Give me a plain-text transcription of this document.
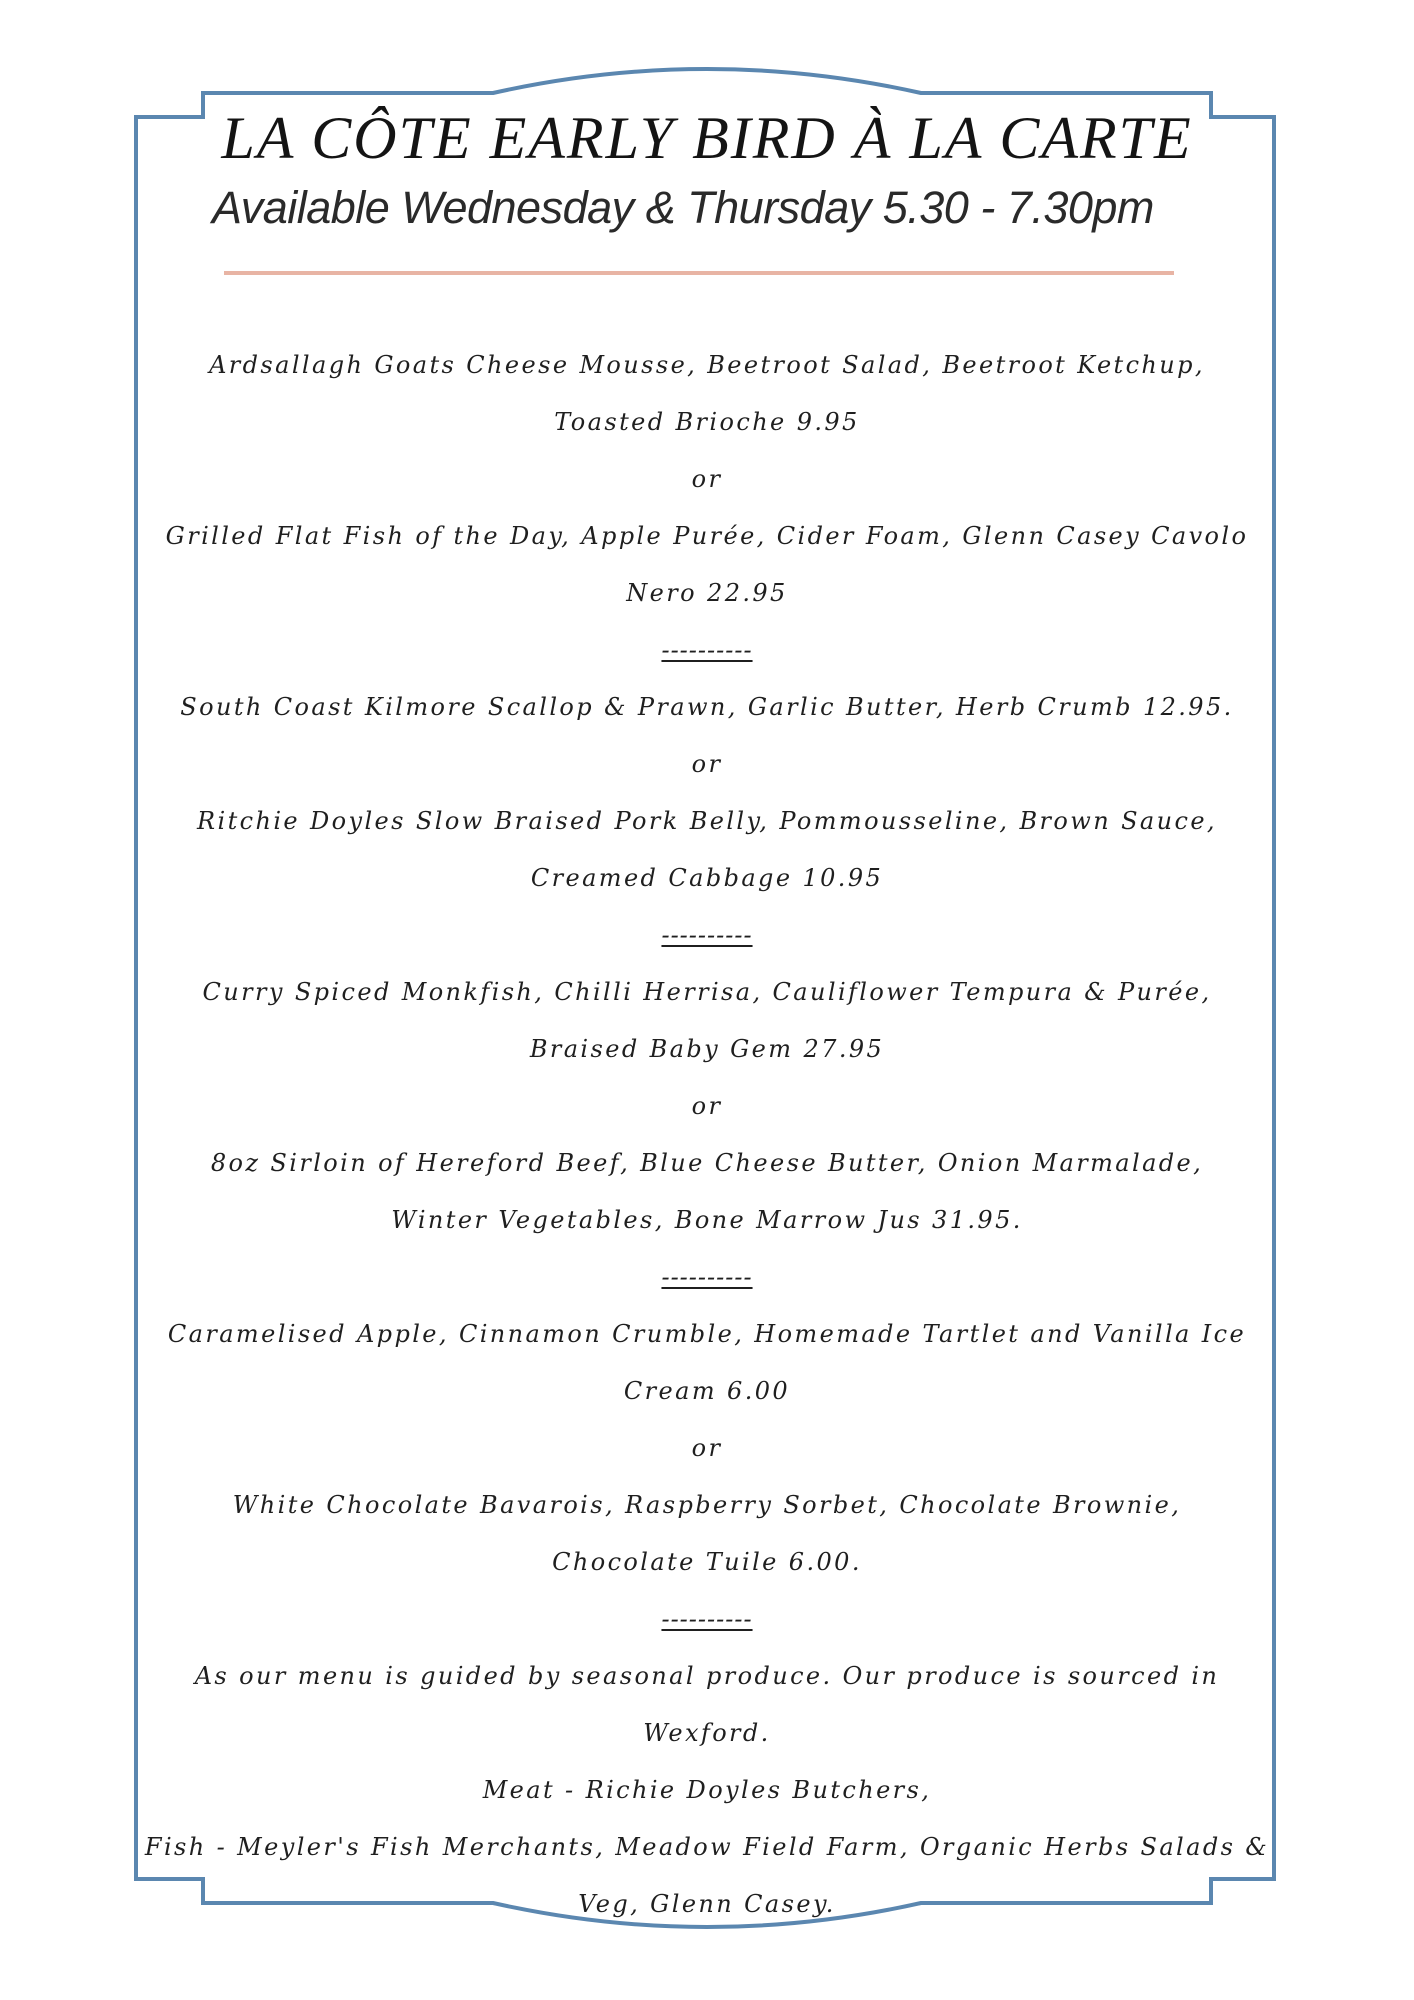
LA CÔTE EARLY BIRD À LA CARTE

Available Wednesday & Thursday 5.30 - 7.30pm

Ardsallagh Goats Cheese Mousse, Beetroot Salad, Beetroot Ketchup, Toasted Brioche 9.95

or

Grilled Flat Fish of the Day, Apple Purée, Cider Foam, Glenn Casey Cavolo Nero 22.95

----------

South Coast Kilmore Scallop & Prawn, Garlic Butter, Herb Crumb 12.95.

or

Ritchie Doyles Slow Braised Pork Belly, Pommousseline, Brown Sauce, Creamed Cabbage 10.95

----------

Curry Spiced Monkfish, Chilli Herrisa, Cauliflower Tempura & Purée, Braised Baby Gem 27.95

or

8oz Sirloin of Hereford Beef, Blue Cheese Butter, Onion Marmalade, Winter Vegetables, Bone Marrow Jus 31.95.

----------

Caramelised Apple, Cinnamon Crumble, Homemade Tartlet and Vanilla Ice Cream 6.00

or

White Chocolate Bavarois, Raspberry Sorbet, Chocolate Brownie, Chocolate Tuile 6.00.

----------

As our menu is guided by seasonal produce. Our produce is sourced in Wexford.

Meat - Richie Doyles Butchers,

Fish - Meyler's Fish Merchants, Meadow Field Farm, Organic Herbs Salads & Veg, Glenn Casey.
